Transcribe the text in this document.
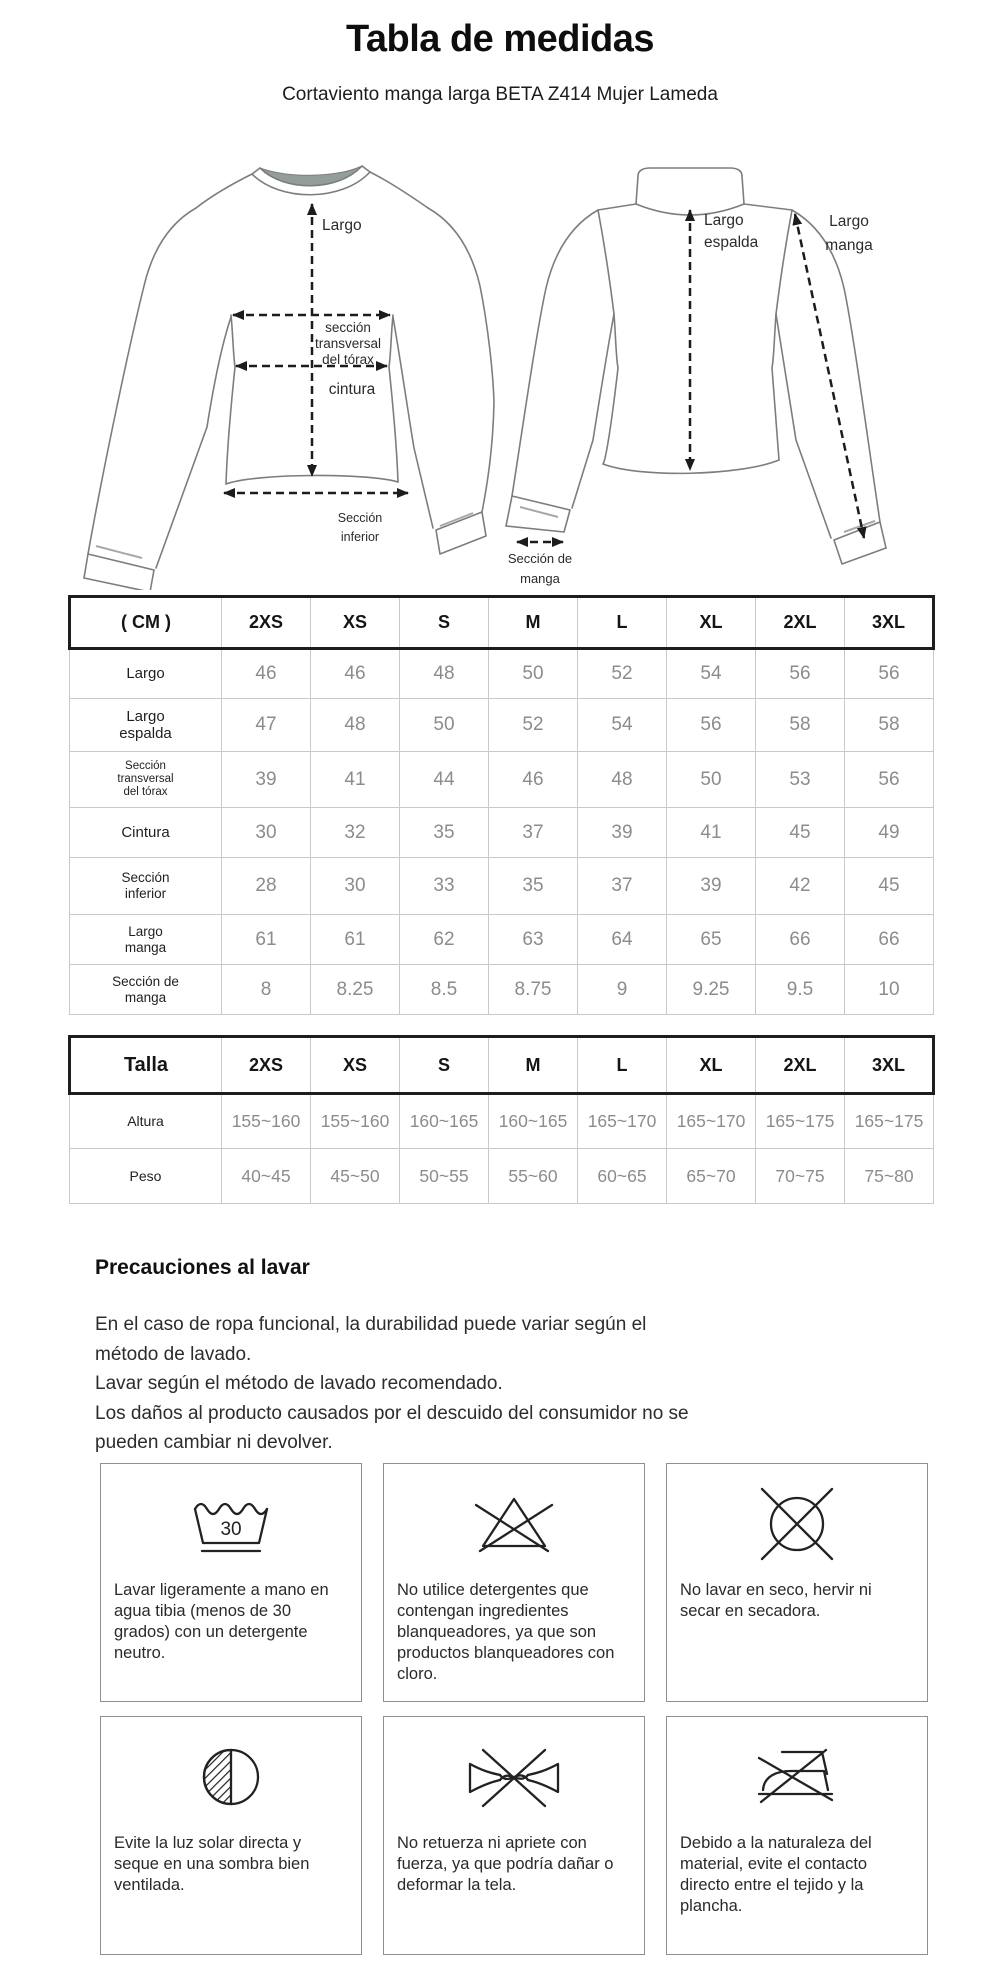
Tabla de medidas
Cortaviento manga larga BETA Z414 Mujer Lameda
Largo
sección
transversal
del tórax
cintura
Sección
inferior
Largo
espalda
Largo
manga
Sección de
manga
( CM )	2XS	XS	S	M	L	XL	2XL	3XL
Largo	46	46	48	50	52	54	56	56
Largo espalda	47	48	50	52	54	56	58	58
Sección transversal del tórax	39	41	44	46	48	50	53	56
Cintura	30	32	35	37	39	41	45	49
Sección inferior	28	30	33	35	37	39	42	45
Largo manga	61	61	62	63	64	65	66	66
Sección de manga	8	8.25	8.5	8.75	9	9.25	9.5	10
Talla	2XS	XS	S	M	L	XL	2XL	3XL
Altura	155~160	155~160	160~165	160~165	165~170	165~170	165~175	165~175
Peso	40~45	45~50	50~55	55~60	60~65	65~70	70~75	75~80
Precauciones al lavar
En el caso de ropa funcional, la durabilidad puede variar según el
método de lavado.
Lavar según el método de lavado recomendado.
Los daños al producto causados por el descuido del consumidor no se
pueden cambiar ni devolver.
30
Lavar ligeramente a mano en agua tibia (menos de 30 grados) con un detergente neutro.
No utilice detergentes que contengan ingredientes blanqueadores, ya que son productos blanqueadores con cloro.
No lavar en seco, hervir ni secar en secadora.
Evite la luz solar directa y seque en una sombra bien ventilada.
No retuerza ni apriete con fuerza, ya que podría dañar o deformar la tela.
Debido a la naturaleza del material, evite el contacto directo entre el tejido y la plancha.
